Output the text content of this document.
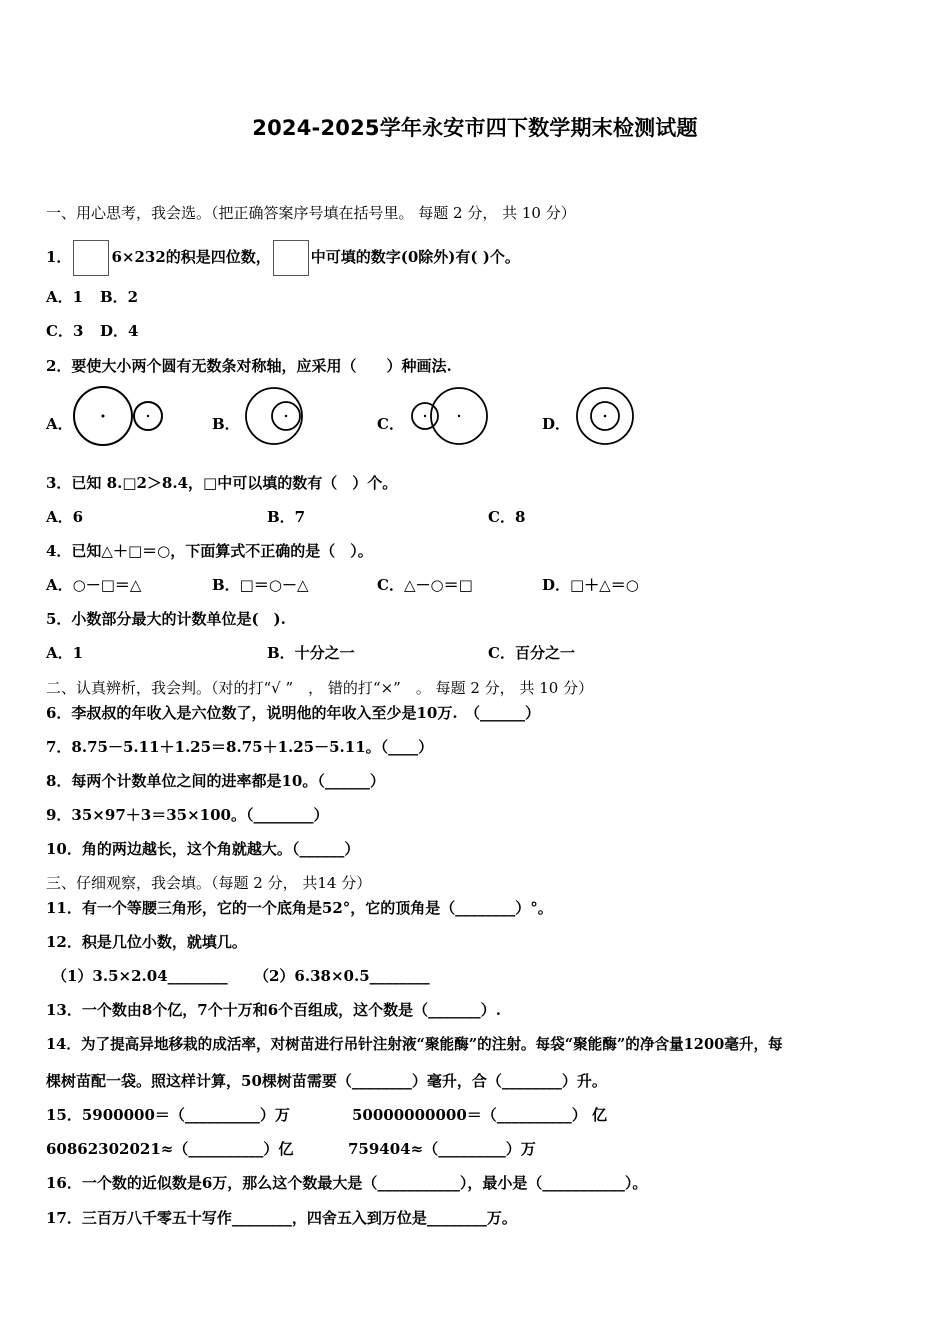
2024-2025学年永安市四下数学期末检测试题
一、用心思考，我会选。（把正确答案序号填在括号里。 每题 2 分， 共 10 分）
1．	6×232的积是四位数，	中可填的数字(0除外)有( )个。
A．1 B．2
C．3 D．4
2．要使大小两个圆有无数条对称轴，应采用（　　）种画法.
A．	B．	C．	D．
3．已知 8.□2＞8.4，□中可以填的数有（　）个。
A．6	B．7	C．8
4．已知△＋□＝○，下面算式不正确的是（　）。
A．○－□＝△	B．□＝○－△	C．△－○＝□	D．□＋△＝○
5．小数部分最大的计数单位是(　).
A．1	B．十分之一	C．百分之一
二、认真辨析，我会判。（对的打“√ ”　， 错的打“×”　。 每题 2 分， 共 10 分）
6．李叔叔的年收入是六位数了，说明他的年收入至少是10万.　（______）
7．8.75－5.11＋1.25＝8.75＋1.25－5.11。（____）
8．每两个计数单位之间的进率都是10。（______）
9．35×97＋3＝35×100。（________）
10．角的两边越长，这个角就越大。（______）
三、仔细观察，我会填。（每题 2 分， 共14 分）
11．有一个等腰三角形，它的一个底角是52°，它的顶角是（________）°。
12．积是几位小数，就填几。
（1）3.5×2.04________ （2）6.38×0.5________
13．一个数由8个亿，7个十万和6个百组成，这个数是（_______）.
14．为了提高异地移栽的成活率，对树苗进行吊针注射液“聚能酶”的注射。每袋“聚能酶”的净含量1200毫升，每
棵树苗配一袋。照这样计算，50棵树苗需要（________）毫升，合（________）升。
15．5900000＝（__________）万	50000000000＝（__________） 亿
60862302021≈（__________）亿	759404≈（_________）万
16．一个数的近似数是6万，那么这个数最大是（___________），最小是（___________）。
17．三百万八千零五十写作________，四舍五入到万位是________万。
